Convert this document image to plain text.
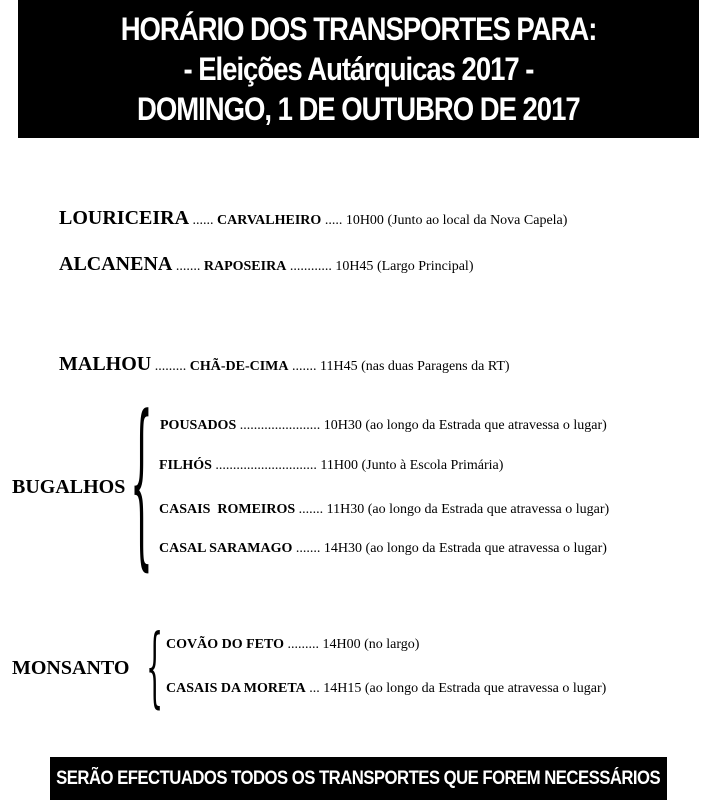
HORÁRIO DOS TRANSPORTES PARA:
- Eleições Autárquicas 2017 -
DOMINGO, 1 DE OUTUBRO DE 2017
LOURICEIRA ...... CARVALHEIRO ..... 10H00 (Junto ao local da Nova Capela)
ALCANENA ....... RAPOSEIRA ............ 10H45 (Largo Principal)
MALHOU ......... CHÃ-DE-CIMA ....... 11H45 (nas duas Paragens da RT)
BUGALHOS { POUSADOS ....................... 10H30 (ao longo da Estrada que atravessa o lugar)
FILHÓS ............................. 11H00 (Junto à Escola Primária)
CASAIS  ROMEIROS ....... 11H30 (ao longo da Estrada que atravessa o lugar)
CASAL SARAMAGO ....... 14H30 (ao longo da Estrada que atravessa o lugar)
MONSANTO { COVÃO DO FETO ......... 14H00 (no largo)
CASAIS DA MORETA ... 14H15 (ao longo da Estrada que atravessa o lugar)
SERÃO EFECTUADOS TODOS OS TRANSPORTES QUE FOREM NECESSÁRIOS
